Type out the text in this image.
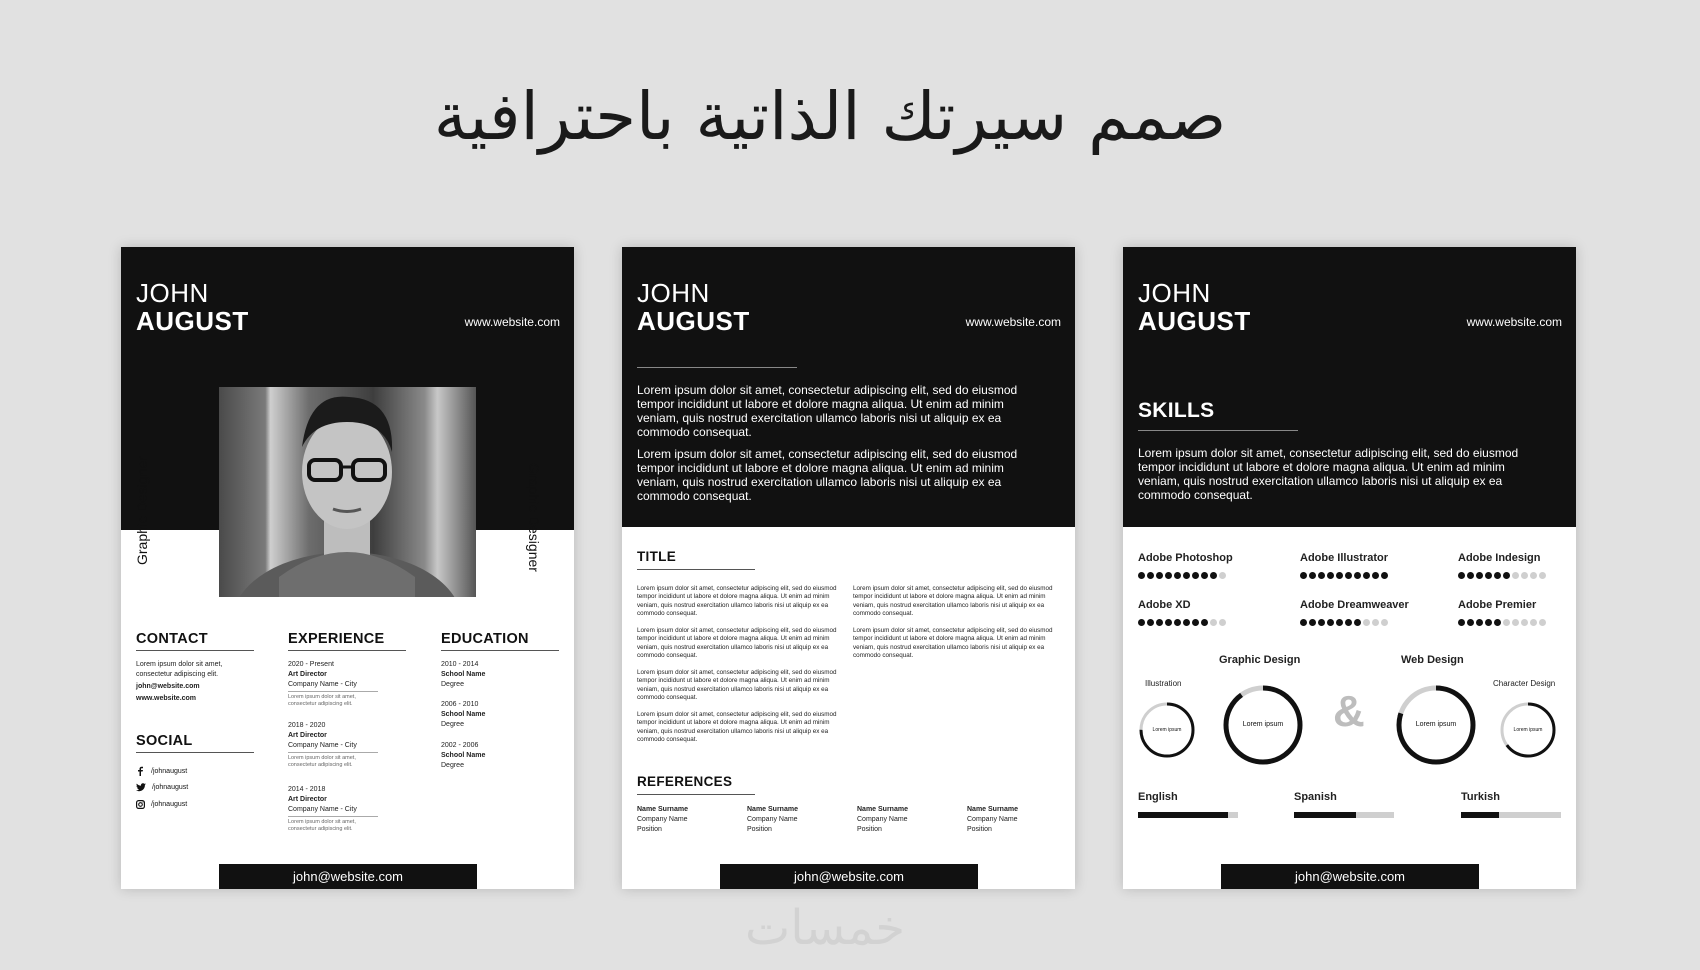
صمم سيرتك الذاتية باحترافية
JOHN
AUGUST	www.website.com
Graphic Designer	Graphic Designer
CONTACT
Lorem ipsum dolor sit amet, consectetur adipiscing elit.
john@website.com
www.website.com
SOCIAL
/johnaugust
/johnaugust
/johnaugust
EXPERIENCE
2020 - Present
Art Director
Company Name - City
Lorem ipsum dolor sit amet, consectetur adipiscing elit.
2018 - 2020
Art Director
Company Name - City
Lorem ipsum dolor sit amet, consectetur adipiscing elit.
2014 - 2018
Art Director
Company Name - City
Lorem ipsum dolor sit amet, consectetur adipiscing elit.
EDUCATION
2010 - 2014
School Name
Degree
2006 - 2010
School Name
Degree
2002 - 2006
School Name
Degree
john@website.com
JOHN
AUGUST	www.website.com
Lorem ipsum dolor sit amet, consectetur adipiscing elit, sed do eiusmod tempor incididunt ut labore et dolore magna aliqua. Ut enim ad minim veniam, quis nostrud exercitation ullamco laboris nisi ut aliquip ex ea commodo consequat.
Lorem ipsum dolor sit amet, consectetur adipiscing elit, sed do eiusmod tempor incididunt ut labore et dolore magna aliqua. Ut enim ad minim veniam, quis nostrud exercitation ullamco laboris nisi ut aliquip ex ea commodo consequat.
TITLE
Lorem ipsum dolor sit amet, consectetur adipiscing elit, sed do eiusmod tempor incididunt ut labore et dolore magna aliqua. Ut enim ad minim veniam, quis nostrud exercitation ullamco laboris nisi ut aliquip ex ea commodo consequat.
Lorem ipsum dolor sit amet, consectetur adipiscing elit, sed do eiusmod tempor incididunt ut labore et dolore magna aliqua. Ut enim ad minim veniam, quis nostrud exercitation ullamco laboris nisi ut aliquip ex ea commodo consequat.
Lorem ipsum dolor sit amet, consectetur adipiscing elit, sed do eiusmod tempor incididunt ut labore et dolore magna aliqua. Ut enim ad minim veniam, quis nostrud exercitation ullamco laboris nisi ut aliquip ex ea commodo consequat.
Lorem ipsum dolor sit amet, consectetur adipiscing elit, sed do eiusmod tempor incididunt ut labore et dolore magna aliqua. Ut enim ad minim veniam, quis nostrud exercitation ullamco laboris nisi ut aliquip ex ea commodo consequat.
Lorem ipsum dolor sit amet, consectetur adipiscing elit, sed do eiusmod tempor incididunt ut labore et dolore magna aliqua. Ut enim ad minim veniam, quis nostrud exercitation ullamco laboris nisi ut aliquip ex ea commodo consequat.
Lorem ipsum dolor sit amet, consectetur adipiscing elit, sed do eiusmod tempor incididunt ut labore et dolore magna aliqua. Ut enim ad minim veniam, quis nostrud exercitation ullamco laboris nisi ut aliquip ex ea commodo consequat.
REFERENCES
Name Surname
Company Name
Position
Name Surname
Company Name
Position
Name Surname
Company Name
Position
Name Surname
Company Name
Position
john@website.com
JOHN
AUGUST	www.website.com
SKILLS
Lorem ipsum dolor sit amet, consectetur adipiscing elit, sed do eiusmod tempor incididunt ut labore et dolore magna aliqua. Ut enim ad minim veniam, quis nostrud exercitation ullamco laboris nisi ut aliquip ex ea commodo consequat.
Adobe Photoshop	Adobe Illustrator	Adobe Indesign
Adobe XD	Adobe Dreamweaver	Adobe Premier
Graphic Design	Web Design
Illustration	Character Design
Lorem ipsum
Lorem ipsum	Lorem ipsum
Lorem ipsum
&
English	Spanish	Turkish
john@website.com
خمسات
